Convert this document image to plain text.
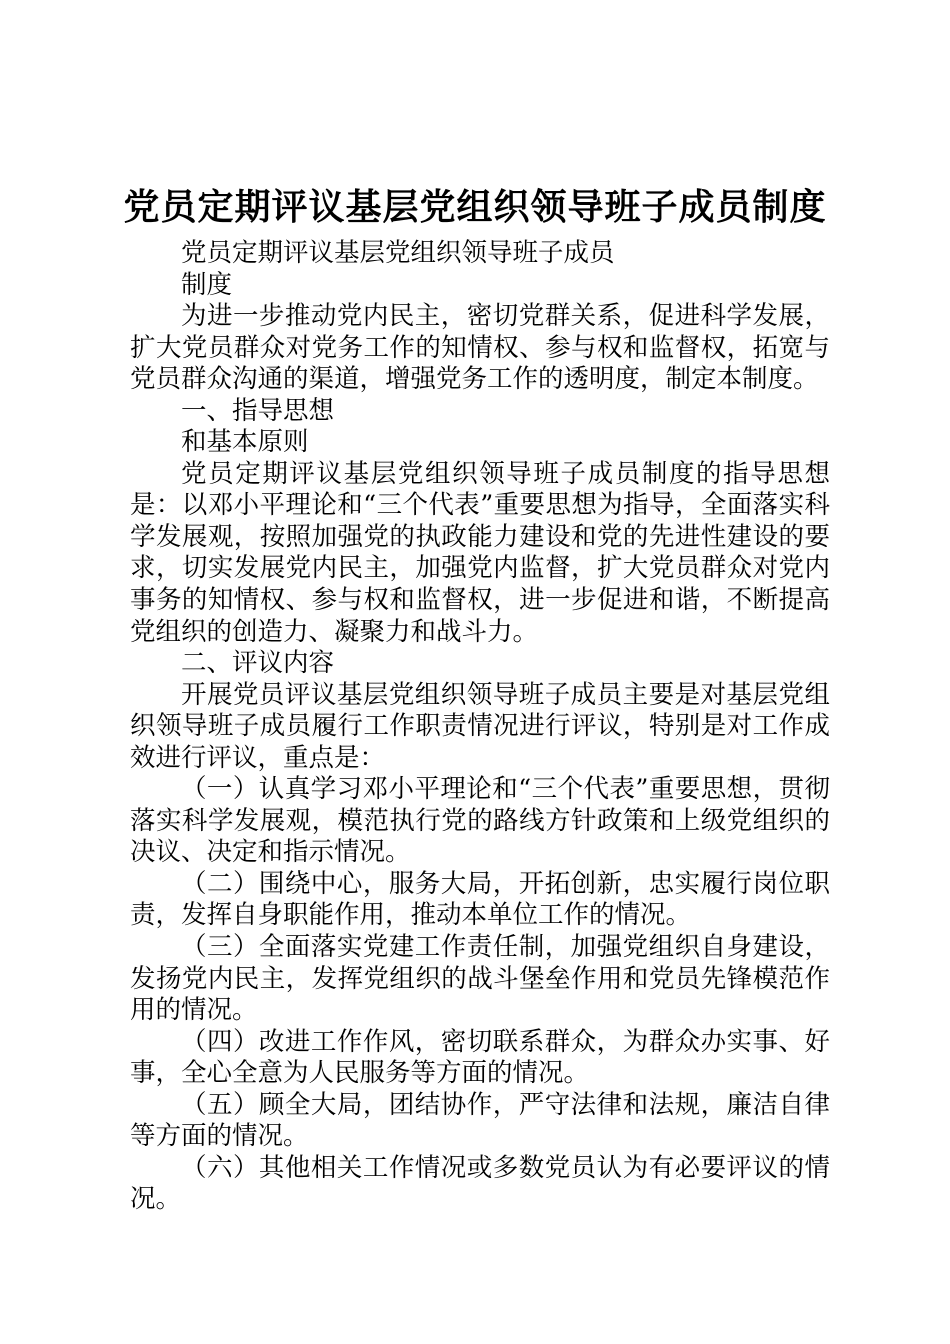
党员定期评议基层党组织领导班子成员制度

党员定期评议基层党组织领导班子成员

制度

为进一步推动党内民主，密切党群关系，促进科学发展，扩大党员群众对党务工作的知情权、参与权和监督权，拓宽与党员群众沟通的渠道，增强党务工作的透明度，制定本制度。

一、指导思想

和基本原则

党员定期评议基层党组织领导班子成员制度的指导思想是：以邓小平理论和“三个代表”重要思想为指导，全面落实科学发展观，按照加强党的执政能力建设和党的先进性建设的要求，切实发展党内民主，加强党内监督，扩大党员群众对党内事务的知情权、参与权和监督权，进一步促进和谐，不断提高党组织的创造力、凝聚力和战斗力。

二、评议内容

开展党员评议基层党组织领导班子成员主要是对基层党组织领导班子成员履行工作职责情况进行评议，特别是对工作成效进行评议，重点是：

（一）认真学习邓小平理论和“三个代表”重要思想，贯彻落实科学发展观，模范执行党的路线方针政策和上级党组织的决议、决定和指示情况。

（二）围绕中心，服务大局，开拓创新，忠实履行岗位职责，发挥自身职能作用，推动本单位工作的情况。

（三）全面落实党建工作责任制，加强党组织自身建设，发扬党内民主，发挥党组织的战斗堡垒作用和党员先锋模范作用的情况。

（四）改进工作作风，密切联系群众，为群众办实事、好事，全心全意为人民服务等方面的情况。

（五）顾全大局，团结协作，严守法律和法规，廉洁自律等方面的情况。

（六）其他相关工作情况或多数党员认为有必要评议的情况。
